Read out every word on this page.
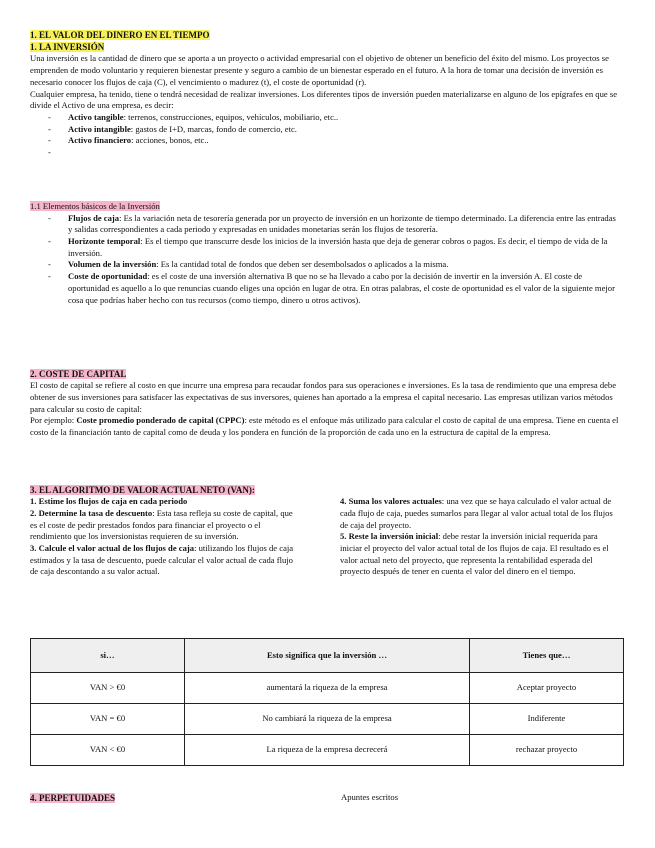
1. EL VALOR DEL DINERO EN EL TIEMPO

1. LA INVERSIÓN

Una inversión es la cantidad de dinero que se aporta a un proyecto o actividad empresarial con el objetivo de obtener un beneficio del éxito del mismo. Los proyectos se emprenden de modo voluntario y requieren bienestar presente y seguro a cambio de un bienestar esperado en el futuro. A la hora de tomar una decisión de inversión es necesario conocer los flujos de caja (C), el vencimiento o madurez (t), el coste de oportunidad (r).

Cualquier empresa, ha tenido, tiene o tendrá necesidad de realizar inversiones. Los diferentes tipos de inversión pueden materializarse en alguno de los epígrafes en que se divide el Activo de una empresa, es decir:

- Activo tangible: terrenos, construcciones, equipos, vehículos, mobiliario, etc..
- Activo intangible: gastos de I+D, marcas, fondo de comercio, etc.
- Activo financiero: acciones, bonos, etc..
-

1.1 Elementos básicos de la Inversión

- Flujos de caja: Es la variación neta de tesorería generada por un proyecto de inversión en un horizonte de tiempo determinado. La diferencia entre las entradas y salidas correspondientes a cada periodo y expresadas en unidades monetarias serán los flujos de tesorería.
- Horizonte temporal: Es el tiempo que transcurre desde los inicios de la inversión hasta que deja de generar cobros o pagos. Es decir, el tiempo de vida de la inversión.
- Volumen de la inversión: Es la cantidad total de fondos que deben ser desembolsados o aplicados a la misma.
- Coste de oportunidad: es el coste de una inversión alternativa B que no se ha llevado a cabo por la decisión de invertir en la inversión A. El coste de oportunidad es aquello a lo que renuncias cuando eliges una opción en lugar de otra. En otras palabras, el coste de oportunidad es el valor de la siguiente mejor cosa que podrías haber hecho con tus recursos (como tiempo, dinero u otros activos).

2. COSTE DE CAPITAL

El costo de capital se refiere al costo en que incurre una empresa para recaudar fondos para sus operaciones e inversiones. Es la tasa de rendimiento que una empresa debe obtener de sus inversiones para satisfacer las expectativas de sus inversores, quienes han aportado a la empresa el capital necesario. Las empresas utilizan varios métodos para calcular su costo de capital:

Por ejemplo: Coste promedio ponderado de capital (CPPC): este método es el enfoque más utilizado para calcular el costo de capital de una empresa. Tiene en cuenta el costo de la financiación tanto de capital como de deuda y los pondera en función de la proporción de cada uno en la estructura de capital de la empresa.

3. EL ALGORITMO DE VALOR ACTUAL NETO (VAN):

1. Estime los flujos de caja en cada periodo

2. Determine la tasa de descuento: Esta tasa refleja su coste de capital, que es el coste de pedir prestados fondos para financiar el proyecto o el rendimiento que los inversionistas requieren de su inversión.

3. Calcule el valor actual de los flujos de caja: utilizando los flujos de caja estimados y la tasa de descuento, puede calcular el valor actual de cada flujo de caja descontando a su valor actual.

4. Suma los valores actuales: una vez que se haya calculado el valor actual de cada flujo de caja, puedes sumarlos para llegar al valor actual total de los flujos de caja del proyecto.

5. Reste la inversión inicial: debe restar la inversión inicial requerida para iniciar el proyecto del valor actual total de los flujos de caja. El resultado es el valor actual neto del proyecto, que representa la rentabilidad esperada del proyecto después de tener en cuenta el valor del dinero en el tiempo.

si…	Esto significa que la inversión …	Tienes que…
VAN > €0	aumentará la riqueza de la empresa	Aceptar proyecto
VAN = €0	No cambiará la riqueza de la empresa	Indiferente
VAN < €0	La riqueza de la empresa decrecerá	rechazar proyecto

4. PERPETUIDADES	Apuntes escritos
